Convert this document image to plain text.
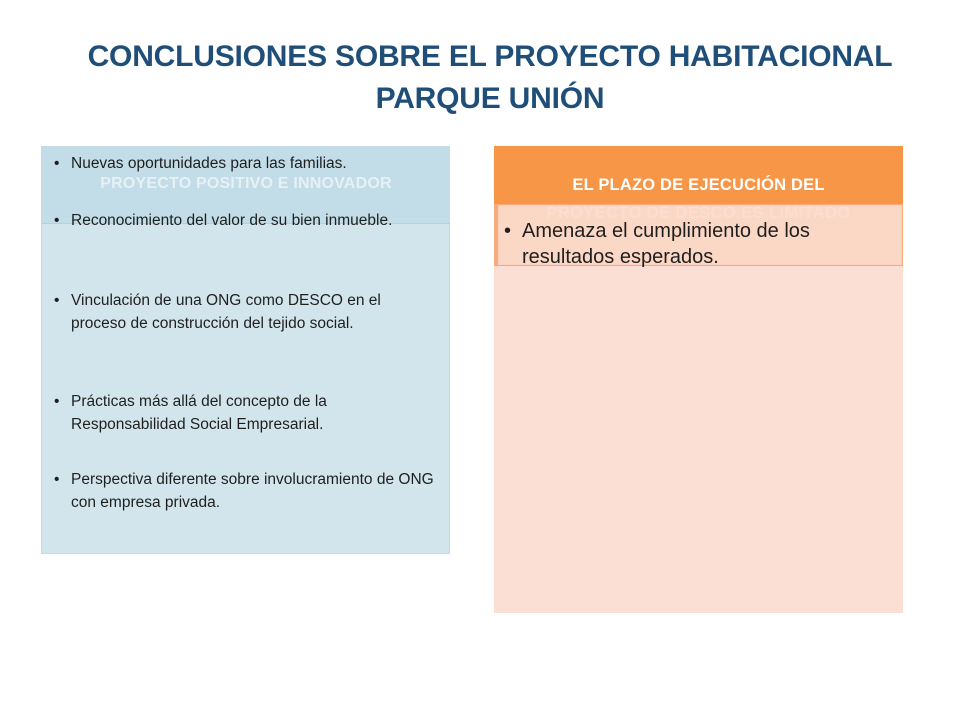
CONCLUSIONES SOBRE EL PROYECTO HABITACIONAL
PARQUE UNIÓN
PROYECTO POSITIVO E INNOVADOR
• Nuevas oportunidades para las familias.
• Reconocimiento del valor de su bien inmueble.
• Vinculación de una ONG como DESCO en el proceso de construcción del tejido social.
• Prácticas más allá del concepto de la Responsabilidad Social Empresarial.
• Perspectiva diferente sobre involucramiento de ONG con empresa privada.
EL PLAZO DE EJECUCIÓN DEL
• Amenaza el cumplimiento de los resultados esperados.
